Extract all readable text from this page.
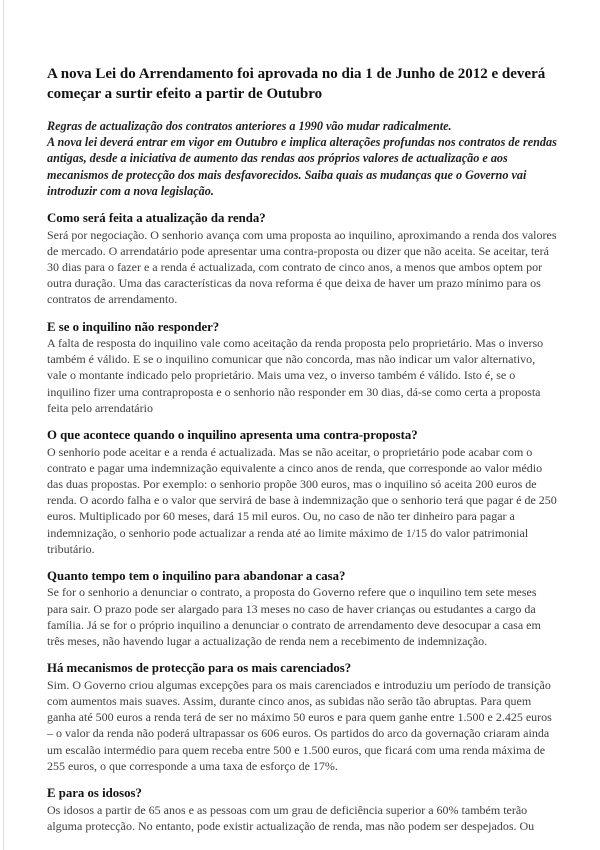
A nova Lei do Arrendamento foi aprovada no dia 1 de Junho de 2012 e deverá começar a surtir efeito a partir de Outubro

Regras de actualização dos contratos anteriores a 1990 vão mudar radicalmente.

A nova lei deverá entrar em vigor em Outubro e implica alterações profundas nos contratos de rendas antigas, desde a iniciativa de aumento das rendas aos próprios valores de actualização e aos mecanismos de protecção dos mais desfavorecidos. Saiba quais as mudanças que o Governo vai introduzir com a nova legislação.

Como será feita a atualização da renda?

Será por negociação. O senhorio avança com uma proposta ao inquilino, aproximando a renda dos valores de mercado. O arrendatário pode apresentar uma contra-proposta ou dizer que não aceita. Se aceitar, terá 30 dias para o fazer e a renda é actualizada, com contrato de cinco anos, a menos que ambos optem por outra duração. Uma das características da nova reforma é que deixa de haver um prazo mínimo para os contratos de arrendamento.

E se o inquilino não responder?

A falta de resposta do inquilino vale como aceitação da renda proposta pelo proprietário. Mas o inverso também é válido. E se o inquilino comunicar que não concorda, mas não indicar um valor alternativo, vale o montante indicado pelo proprietário. Mais uma vez, o inverso também é válido. Isto é, se o inquilino fizer uma contraproposta e o senhorio não responder em 30 dias, dá-se como certa a proposta feita pelo arrendatário

O que acontece quando o inquilino apresenta uma contra-proposta?

O senhorio pode aceitar e a renda é actualizada. Mas se não aceitar, o proprietário pode acabar com o contrato e pagar uma indemnização equivalente a cinco anos de renda, que corresponde ao valor médio das duas propostas. Por exemplo: o senhorio propõe 300 euros, mas o inquilino só aceita 200 euros de renda. O acordo falha e o valor que servirá de base à indemnização que o senhorio terá que pagar é de 250 euros. Multiplicado por 60 meses, dará 15 mil euros. Ou, no caso de não ter dinheiro para pagar a indemnização, o senhorio pode actualizar a renda até ao limite máximo de 1/15 do valor patrimonial tributário.

Quanto tempo tem o inquilino para abandonar a casa?

Se for o senhorio a denunciar o contrato, a proposta do Governo refere que o inquilino tem sete meses para sair. O prazo pode ser alargado para 13 meses no caso de haver crianças ou estudantes a cargo da família. Já se for o próprio inquilino a denunciar o contrato de arrendamento deve desocupar a casa em três meses, não havendo lugar a actualização de renda nem a recebimento de indemnização.

Há mecanismos de protecção para os mais carenciados?

Sim. O Governo criou algumas excepções para os mais carenciados e introduziu um período de transição com aumentos mais suaves. Assim, durante cinco anos, as subidas não serão tão abruptas. Para quem ganha até 500 euros a renda terá de ser no máximo 50 euros e para quem ganhe entre 1.500 e 2.425 euros – o valor da renda não poderá ultrapassar os 606 euros. Os partidos do arco da governação criaram ainda um escalão intermédio para quem receba entre 500 e 1.500 euros, que ficará com uma renda máxima de 255 euros, o que corresponde a uma taxa de esforço de 17%.

E para os idosos?

Os idosos a partir de 65 anos e as pessoas com um grau de deficiência superior a 60% também terão alguma protecção. No entanto, pode existir actualização de renda, mas não podem ser despejados. Ou
